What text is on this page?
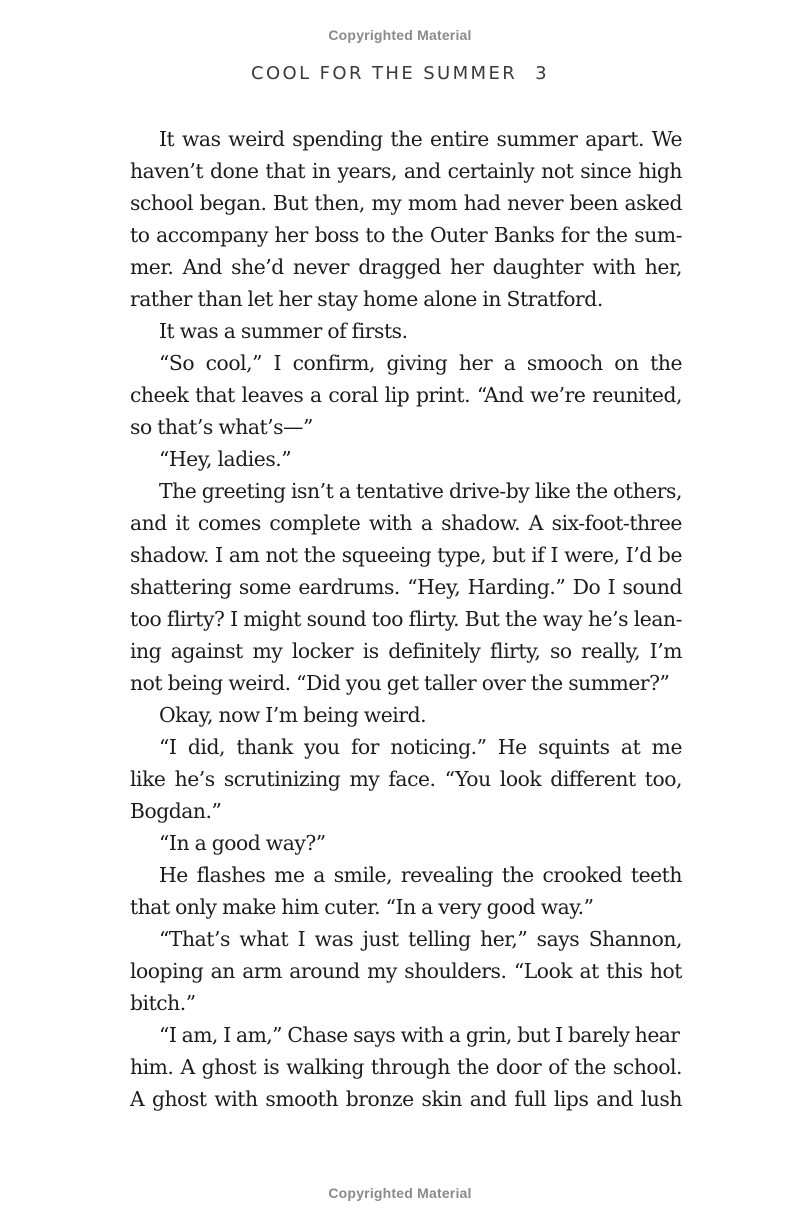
Copyrighted Material
COOL FOR THE SUMMER 3
It was weird spending the entire summer apart. We
haven’t done that in years, and certainly not since high
school began. But then, my mom had never been asked
to accompany her boss to the Outer Banks for the sum-
mer. And she’d never dragged her daughter with her,
rather than let her stay home alone in Stratford.
It was a summer of firsts.
“So cool,” I confirm, giving her a smooch on the
cheek that leaves a coral lip print. “And we’re reunited,
so that’s what’s—”
“Hey, ladies.”
The greeting isn’t a tentative drive-by like the others,
and it comes complete with a shadow. A six-foot-three
shadow. I am not the squeeing type, but if I were, I’d be
shattering some eardrums. “Hey, Harding.” Do I sound
too flirty? I might sound too flirty. But the way he’s lean-
ing against my locker is definitely flirty, so really, I’m
not being weird. “Did you get taller over the summer?”
Okay, now I’m being weird.
“I did, thank you for noticing.” He squints at me
like he’s scrutinizing my face. “You look different too,
Bogdan.”
“In a good way?”
He flashes me a smile, revealing the crooked teeth
that only make him cuter. “In a very good way.”
“That’s what I was just telling her,” says Shannon,
looping an arm around my shoulders. “Look at this hot
bitch.”
“I am, I am,” Chase says with a grin, but I barely hear
him. A ghost is walking through the door of the school.
A ghost with smooth bronze skin and full lips and lush
Copyrighted Material
